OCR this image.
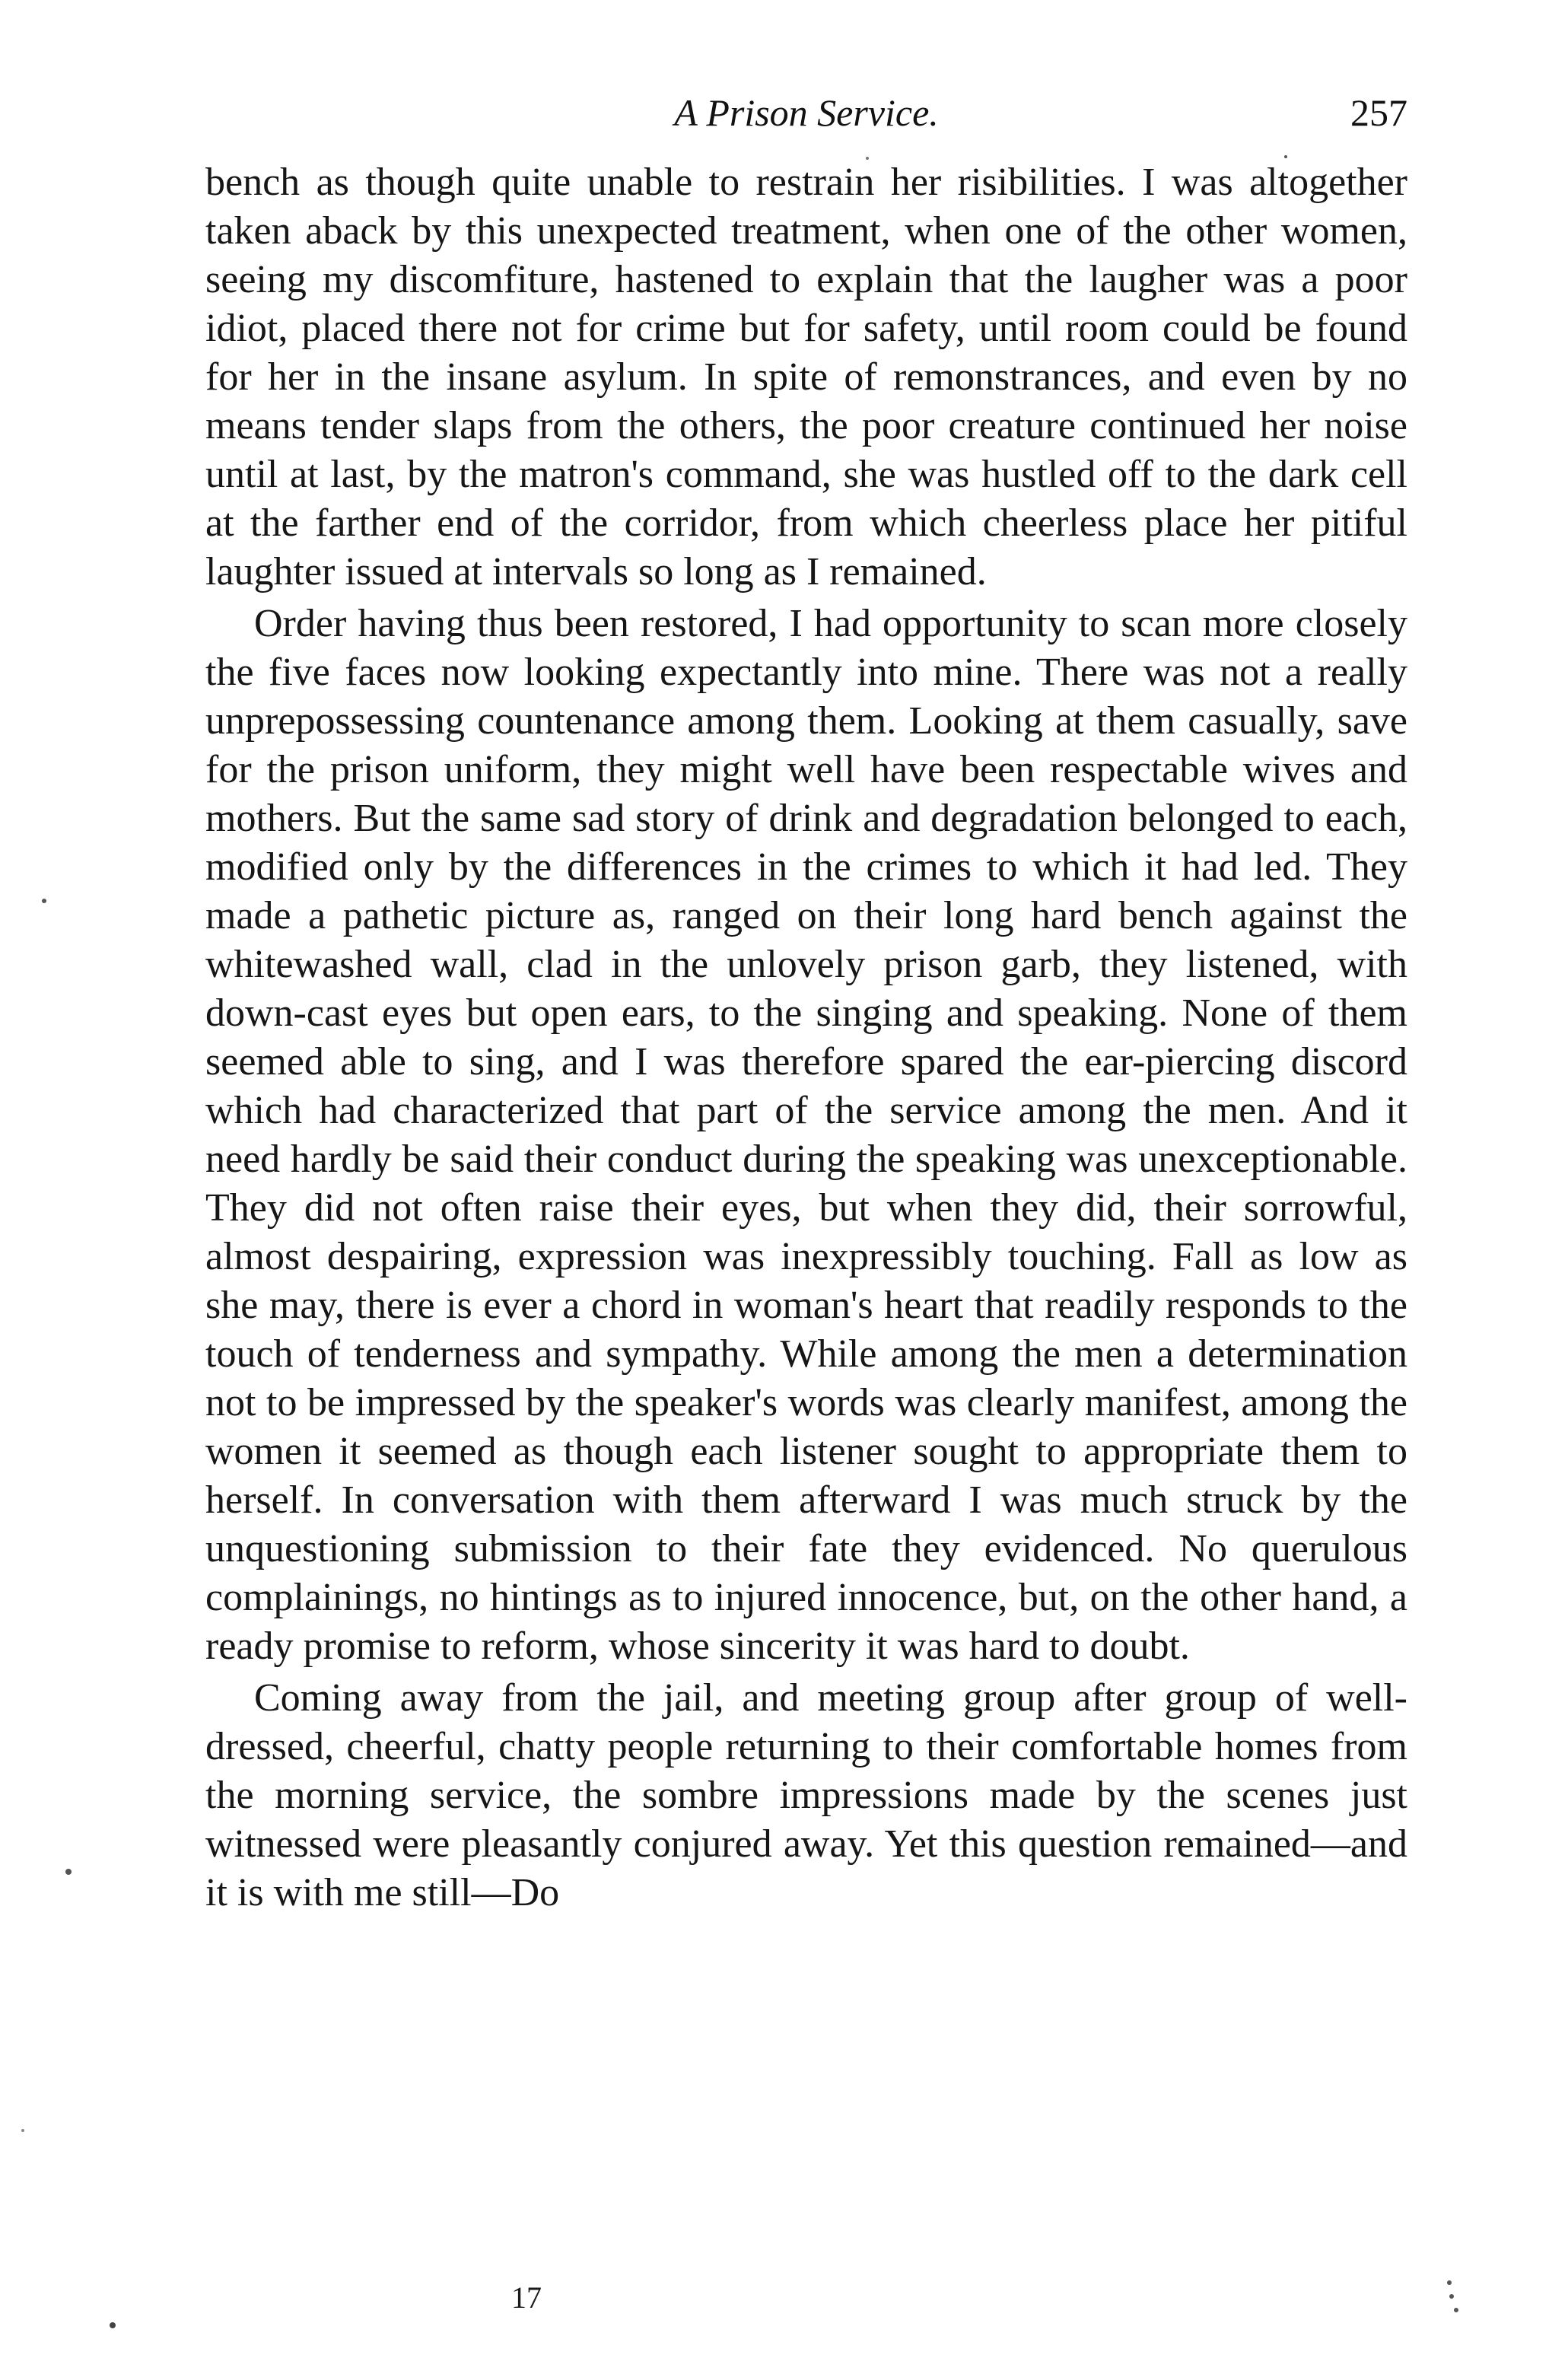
A Prison Service.	257

bench as though quite unable to restrain her risibilities. I was altogether taken aback by this unexpected treatment, when one of the other women, seeing my discomfiture, hastened to explain that the laugher was a poor idiot, placed there not for crime but for safety, until room could be found for her in the insane asylum. In spite of remonstrances, and even by no means tender slaps from the others, the poor creature continued her noise until at last, by the matron's command, she was hustled off to the dark cell at the farther end of the corridor, from which cheerless place her pitiful laughter issued at intervals so long as I remained.

Order having thus been restored, I had opportunity to scan more closely the five faces now looking expectantly into mine. There was not a really unprepossessing countenance among them. Looking at them casually, save for the prison uniform, they might well have been respectable wives and mothers. But the same sad story of drink and degradation belonged to each, modified only by the differences in the crimes to which it had led. They made a pathetic picture as, ranged on their long hard bench against the whitewashed wall, clad in the unlovely prison garb, they listened, with down-cast eyes but open ears, to the singing and speaking. None of them seemed able to sing, and I was therefore spared the ear-piercing discord which had characterized that part of the service among the men. And it need hardly be said their conduct during the speaking was unexceptionable. They did not often raise their eyes, but when they did, their sorrowful, almost despairing, expression was inexpressibly touching. Fall as low as she may, there is ever a chord in woman's heart that readily responds to the touch of tenderness and sympathy. While among the men a determination not to be impressed by the speaker's words was clearly manifest, among the women it seemed as though each listener sought to appropriate them to herself. In conversation with them afterward I was much struck by the unquestioning submission to their fate they evidenced. No querulous complainings, no hintings as to injured innocence, but, on the other hand, a ready promise to reform, whose sincerity it was hard to doubt.

Coming away from the jail, and meeting group after group of well-dressed, cheerful, chatty people returning to their comfortable homes from the morning service, the sombre impressions made by the scenes just witnessed were pleasantly conjured away. Yet this question remained—and it is with me still—Do

17
